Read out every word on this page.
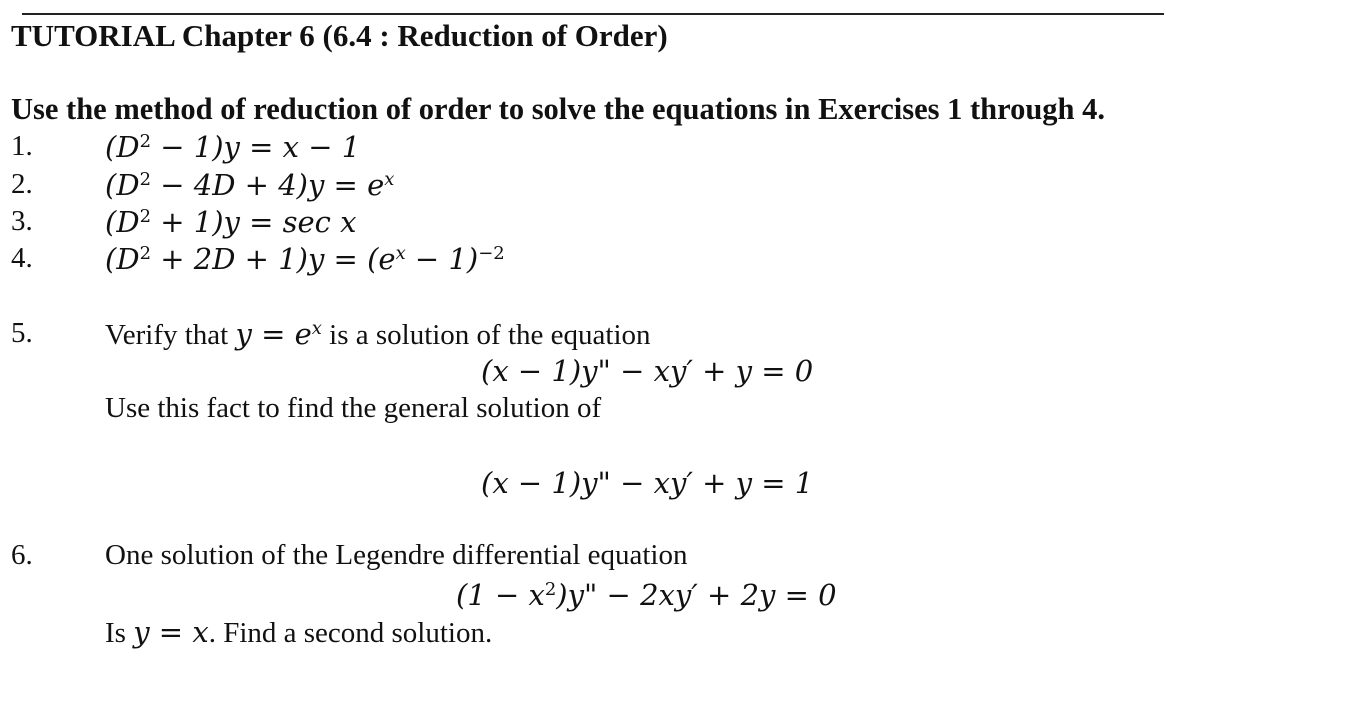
TUTORIAL Chapter 6 (6.4 : Reduction of Order)
Use the method of reduction of order to solve the equations in Exercises 1 through 4.
1. $(D^2 - 1)y = x - 1$
2. $(D^2 - 4D + 4)y = e^x$
3. $(D^2 + 1)y = \sec x$
4. $(D^2 + 2D + 1)y = (e^x - 1)^{-2}$
5. Verify that $y = e^x$ is a solution of the equation
(x − 1)y" − xy′ + y = 0
Use this fact to find the general solution of
(x − 1)y" − xy′ + y = 1
6. One solution of the Legendre differential equation
$(1 - x^2)y$" − 2xy′ + 2y = 0
Is y = x. Find a second solution.
